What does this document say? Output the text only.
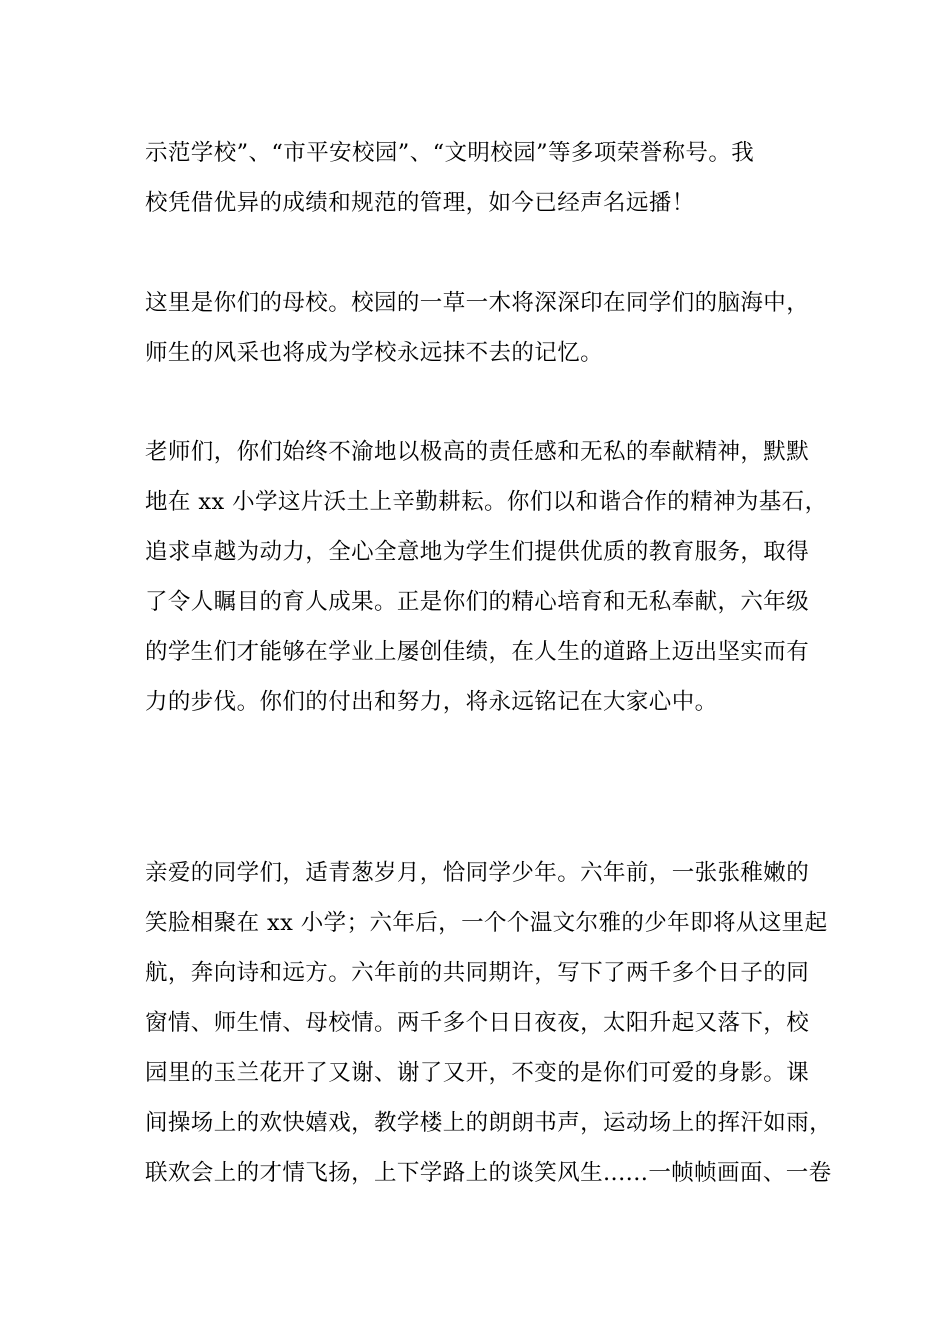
示范学校”、“市平安校园”、“文明校园”等多项荣誉称号。我
校凭借优异的成绩和规范的管理，如今已经声名远播！
这里是你们的母校。校园的一草一木将深深印在同学们的脑海中，
师生的风采也将成为学校永远抹不去的记忆。
老师们，你们始终不渝地以极高的责任感和无私的奉献精神，默默
地在 xx 小学这片沃土上辛勤耕耘。你们以和谐合作的精神为基石，
追求卓越为动力，全心全意地为学生们提供优质的教育服务，取得
了令人瞩目的育人成果。正是你们的精心培育和无私奉献，六年级
的学生们才能够在学业上屡创佳绩，在人生的道路上迈出坚实而有
力的步伐。你们的付出和努力，将永远铭记在大家心中。
亲爱的同学们，适青葱岁月，恰同学少年。六年前，一张张稚嫩的
笑脸相聚在 xx 小学；六年后，一个个温文尔雅的少年即将从这里起
航，奔向诗和远方。六年前的共同期许，写下了两千多个日子的同
窗情、师生情、母校情。两千多个日日夜夜，太阳升起又落下，校
园里的玉兰花开了又谢、谢了又开，不变的是你们可爱的身影。课
间操场上的欢快嬉戏，教学楼上的朗朗书声，运动场上的挥汗如雨，
联欢会上的才情飞扬，上下学路上的谈笑风生......一帧帧画面、一卷
